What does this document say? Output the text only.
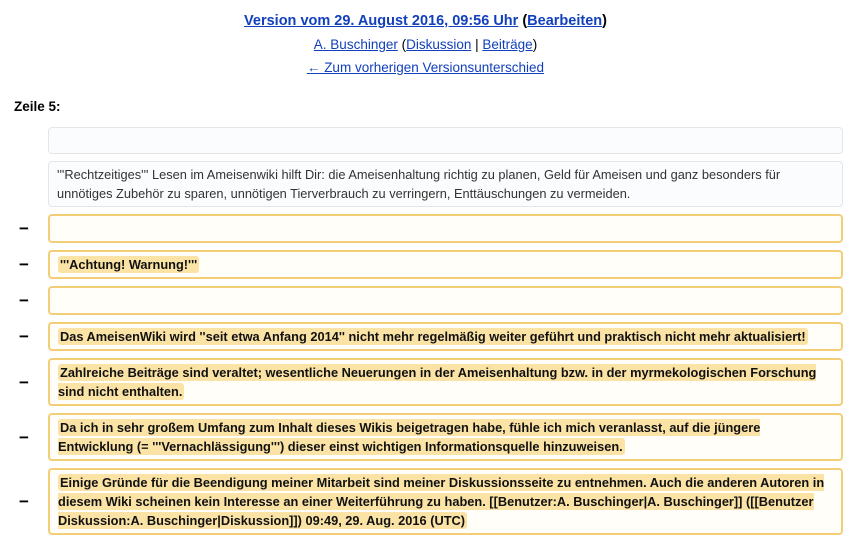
Version vom 29. August 2016, 09:56 Uhr (Bearbeiten)
A. Buschinger (Diskussion | Beiträge)
← Zum vorherigen Versionsunterschied
Zeile 5:
'''Rechtzeitiges''' Lesen im Ameisenwiki hilft Dir: die Ameisenhaltung richtig zu planen, Geld für Ameisen und ganz besonders für unnötiges Zubehör zu sparen, unnötigen Tierverbrauch zu verringern, Enttäuschungen zu vermeiden.
−
−	'''Achtung! Warnung!'''
−
−	Das AmeisenWiki wird ''seit etwa Anfang 2014'' nicht mehr regelmäßig weiter geführt und praktisch nicht mehr aktualisiert!
−	Zahlreiche Beiträge sind veraltet; wesentliche Neuerungen in der Ameisenhaltung bzw. in der myrmekologischen Forschung sind nicht enthalten.
−	Da ich in sehr großem Umfang zum Inhalt dieses Wikis beigetragen habe, fühle ich mich veranlasst, auf die jüngere Entwicklung (= '''Vernachlässigung''') dieser einst wichtigen Informationsquelle hinzuweisen.
−
Einige Gründe für die Beendigung meiner Mitarbeit sind meiner Diskussionsseite zu entnehmen. Auch die anderen Autoren in diesem Wiki scheinen kein Interesse an einer Weiterführung zu haben. [[Benutzer:A. Buschinger|A. Buschinger]] ([[Benutzer Diskussion:A. Buschinger|Diskussion]]) 09:49, 29. Aug. 2016 (UTC)
